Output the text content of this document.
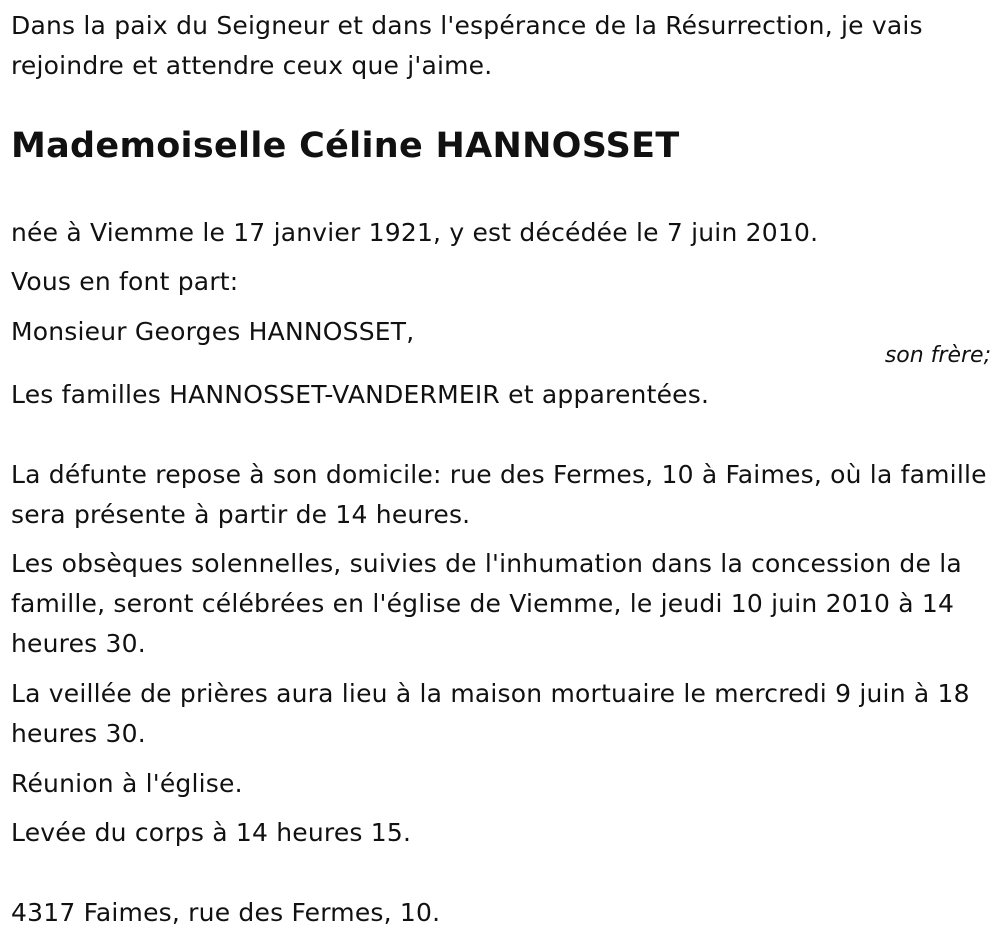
Dans la paix du Seigneur et dans l'espérance de la Résurrection, je vais rejoindre et attendre ceux que j'aime.

Mademoiselle Céline HANNOSSET

née à Viemme le 17 janvier 1921, y est décédée le 7 juin 2010.

Vous en font part:

Monsieur Georges HANNOSSET,

son frère;

Les familles HANNOSSET-VANDERMEIR et apparentées.

La défunte repose à son domicile: rue des Fermes, 10 à Faimes, où la famille sera présente à partir de 14 heures.

Les obsèques solennelles, suivies de l'inhumation dans la concession de la famille, seront célébrées en l'église de Viemme, le jeudi 10 juin 2010 à 14 heures 30.

La veillée de prières aura lieu à la maison mortuaire le mercredi 9 juin à 18 heures 30.

Réunion à l'église.

Levée du corps à 14 heures 15.

4317 Faimes, rue des Fermes, 10.
